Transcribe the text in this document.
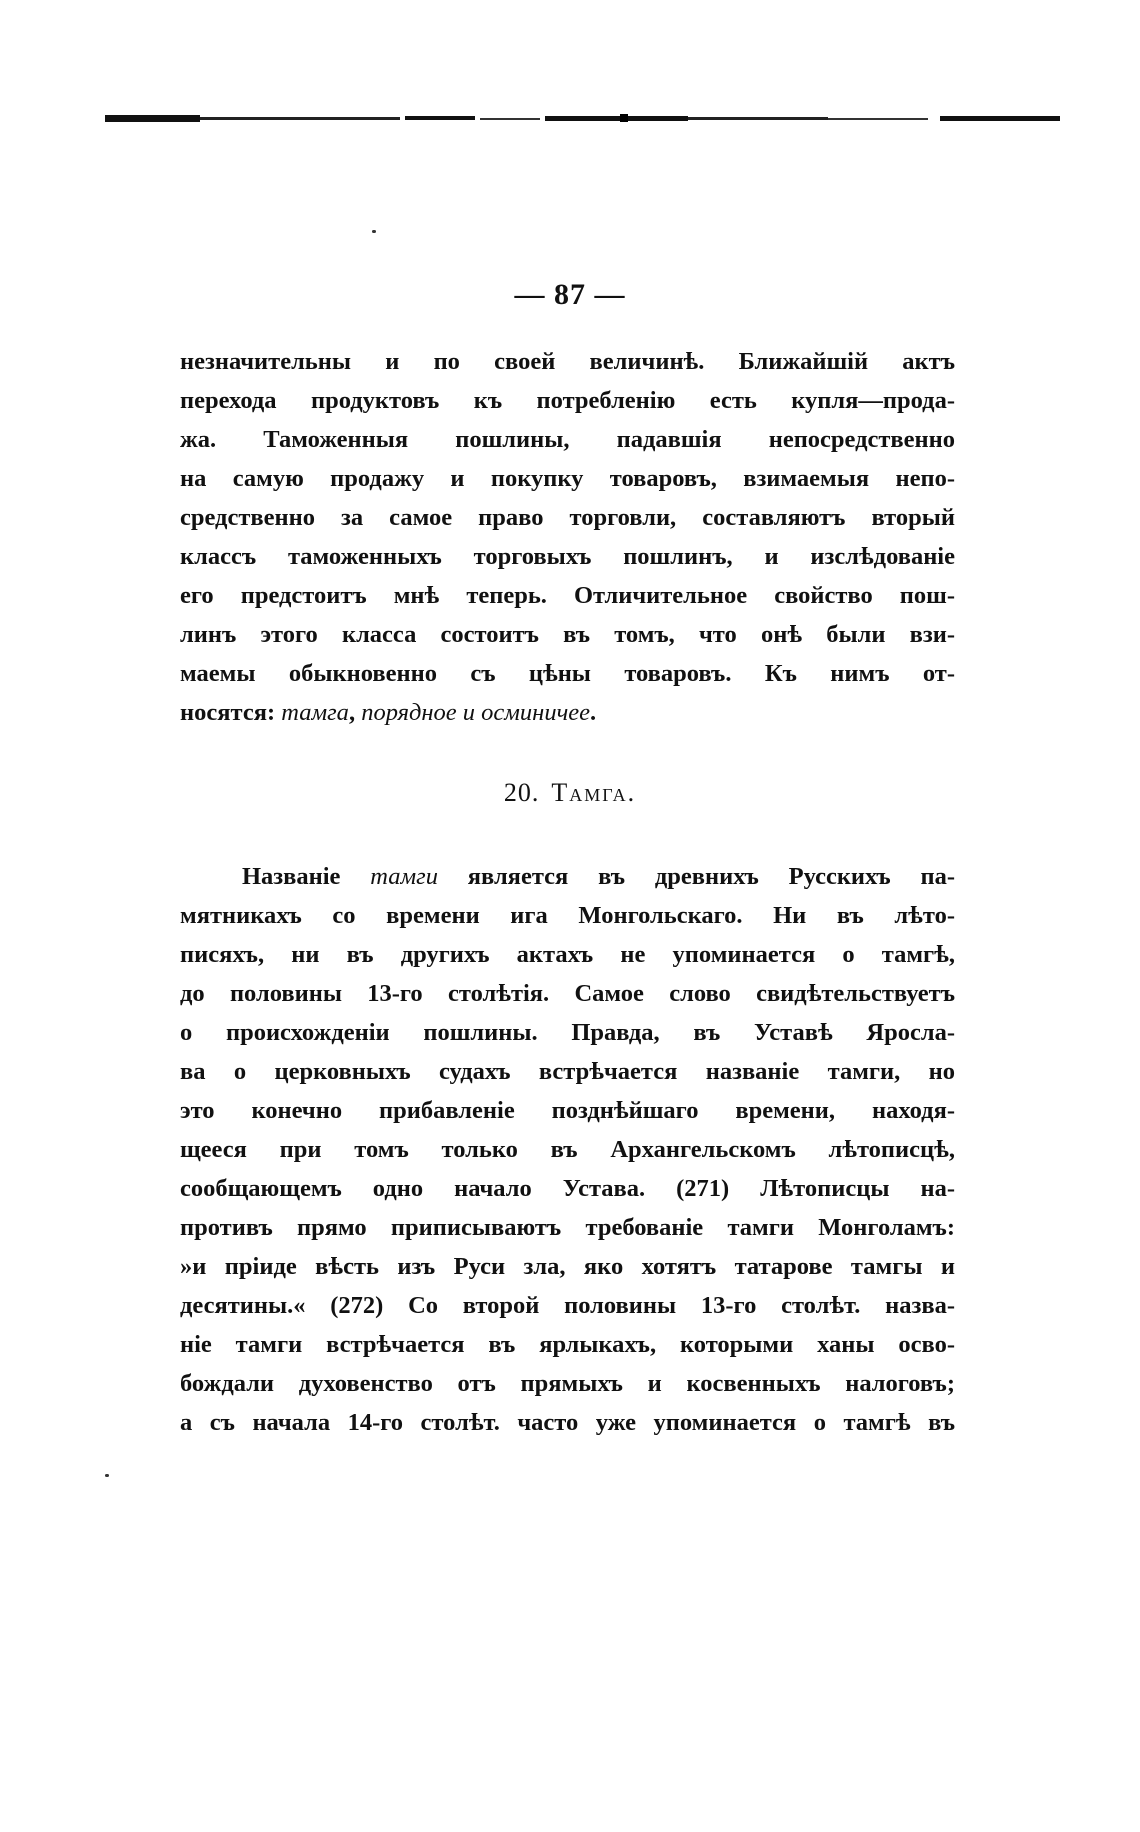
— 87 —
незначительны и по своей величинѣ. Ближайшій актъ
перехода продуктовъ къ потребленію есть купля—прода-
жа. Таможенныя пошлины, падавшія непосредственно
на самую продажу и покупку товаровъ, взимаемыя непо-
средственно за самое право торговли, составляютъ вторый
классъ таможенныхъ торговыхъ пошлинъ, и изслѣдованіе
его предстоитъ мнѣ теперь. Отличительное свойство пош-
линъ этого класса состоитъ въ томъ, что онѣ были взи-
маемы обыкновенно съ цѣны товаровъ. Къ нимъ от-
носятся: тамга, порядное и осминичее.
20. Тамга.
Названіе тамги является въ древнихъ Русскихъ па-
мятникахъ со времени ига Монгольскаго. Ни въ лѣто-
писяхъ, ни въ другихъ актахъ не упоминается о тамгѣ,
до половины 13-го столѣтія. Самое слово свидѣтельствуетъ
о происхожденіи пошлины. Правда, въ Уставѣ Яросла-
ва о церковныхъ судахъ встрѣчается названіе тамги, но
это конечно прибавленіе позднѣйшаго времени, находя-
щееся при томъ только въ Архангельскомъ лѣтописцѣ,
сообщающемъ одно начало Устава. (271) Лѣтописцы на-
противъ прямо приписываютъ требованіе тамги Монголамъ:
»и пріиде вѣсть изъ Руси зла, яко хотятъ татарове тамгы и
десятины.« (272) Со второй половины 13-го столѣт. назва-
ніе тамги встрѣчается въ ярлыкахъ, которыми ханы осво-
бождали духовенство отъ прямыхъ и косвенныхъ налоговъ;
а съ начала 14-го столѣт. часто уже упоминается о тамгѣ въ
